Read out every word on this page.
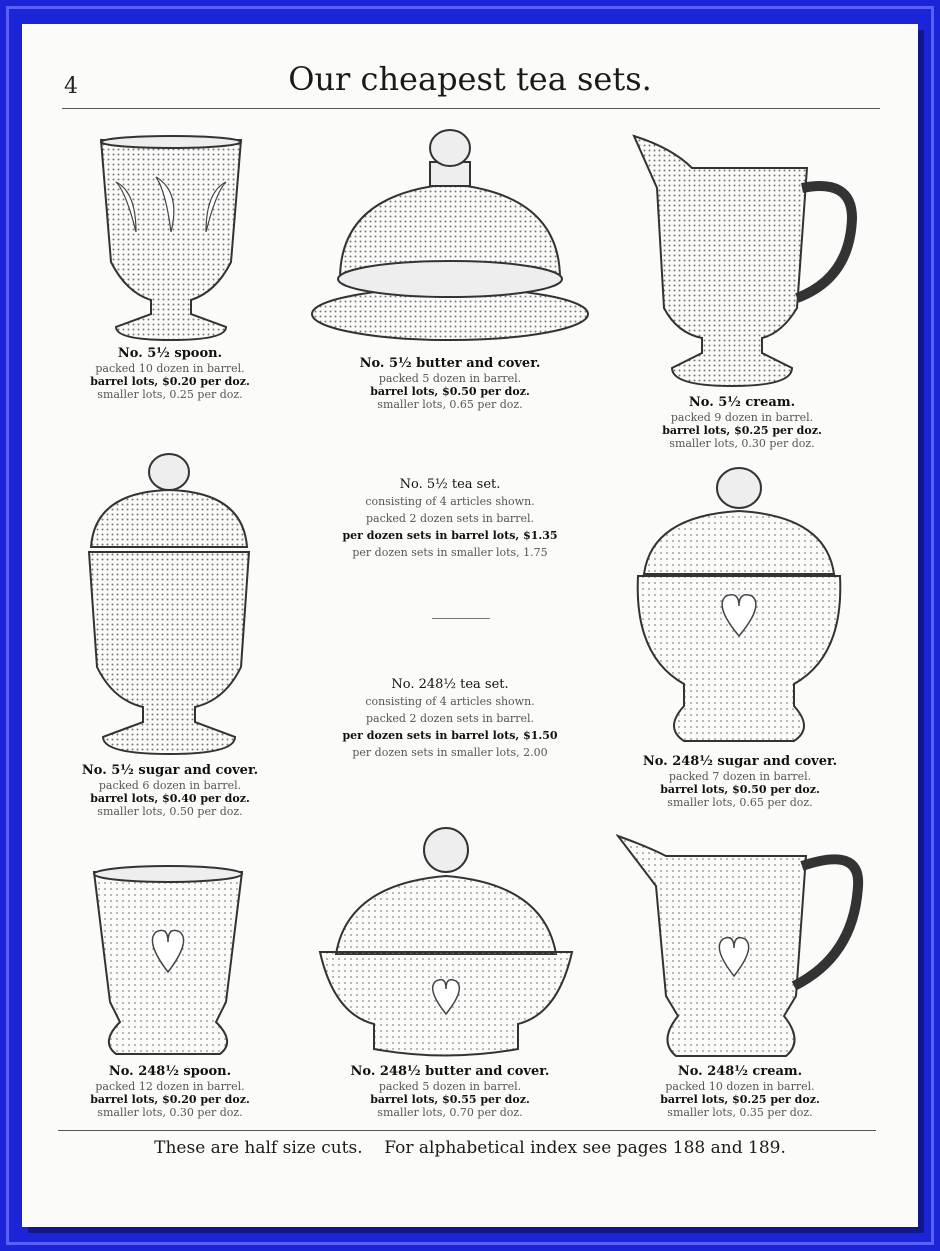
4	Our cheapest tea sets.
No. 5½ spoon.
packed 10 dozen in barrel.
barrel lots, $0.20 per doz.
smaller lots, 0.25 per doz.
No. 5½ butter and cover.
packed 5 dozen in barrel.
barrel lots, $0.50 per doz.
smaller lots, 0.65 per doz.	No. 5½ cream.
packed 9 dozen in barrel.
barrel lots, $0.25 per doz.
smaller lots, 0.30 per doz.
No. 5½ sugar and cover.
packed 6 dozen in barrel.
barrel lots, $0.40 per doz.
smaller lots, 0.50 per doz.
No. 5½ tea set.
consisting of 4 articles shown.
packed 2 dozen sets in barrel.
per dozen sets in barrel lots, $1.35
per dozen sets in smaller lots, 1.75
No. 248½ tea set.
consisting of 4 articles shown.
packed 2 dozen sets in barrel.
per dozen sets in barrel lots, $1.50
per dozen sets in smaller lots, 2.00
No. 248½ sugar and cover.
packed 7 dozen in barrel.
barrel lots, $0.50 per doz.
smaller lots, 0.65 per doz.
No. 248½ spoon.
packed 12 dozen in barrel.
barrel lots, $0.20 per doz.
smaller lots, 0.30 per doz.
No. 248½ butter and cover.
packed 5 dozen in barrel.
barrel lots, $0.55 per doz.
smaller lots, 0.70 per doz.
No. 248½ cream.
packed 10 dozen in barrel.
barrel lots, $0.25 per doz.
smaller lots, 0.35 per doz.
These are half size cuts.    For alphabetical index see pages 188 and 189.
